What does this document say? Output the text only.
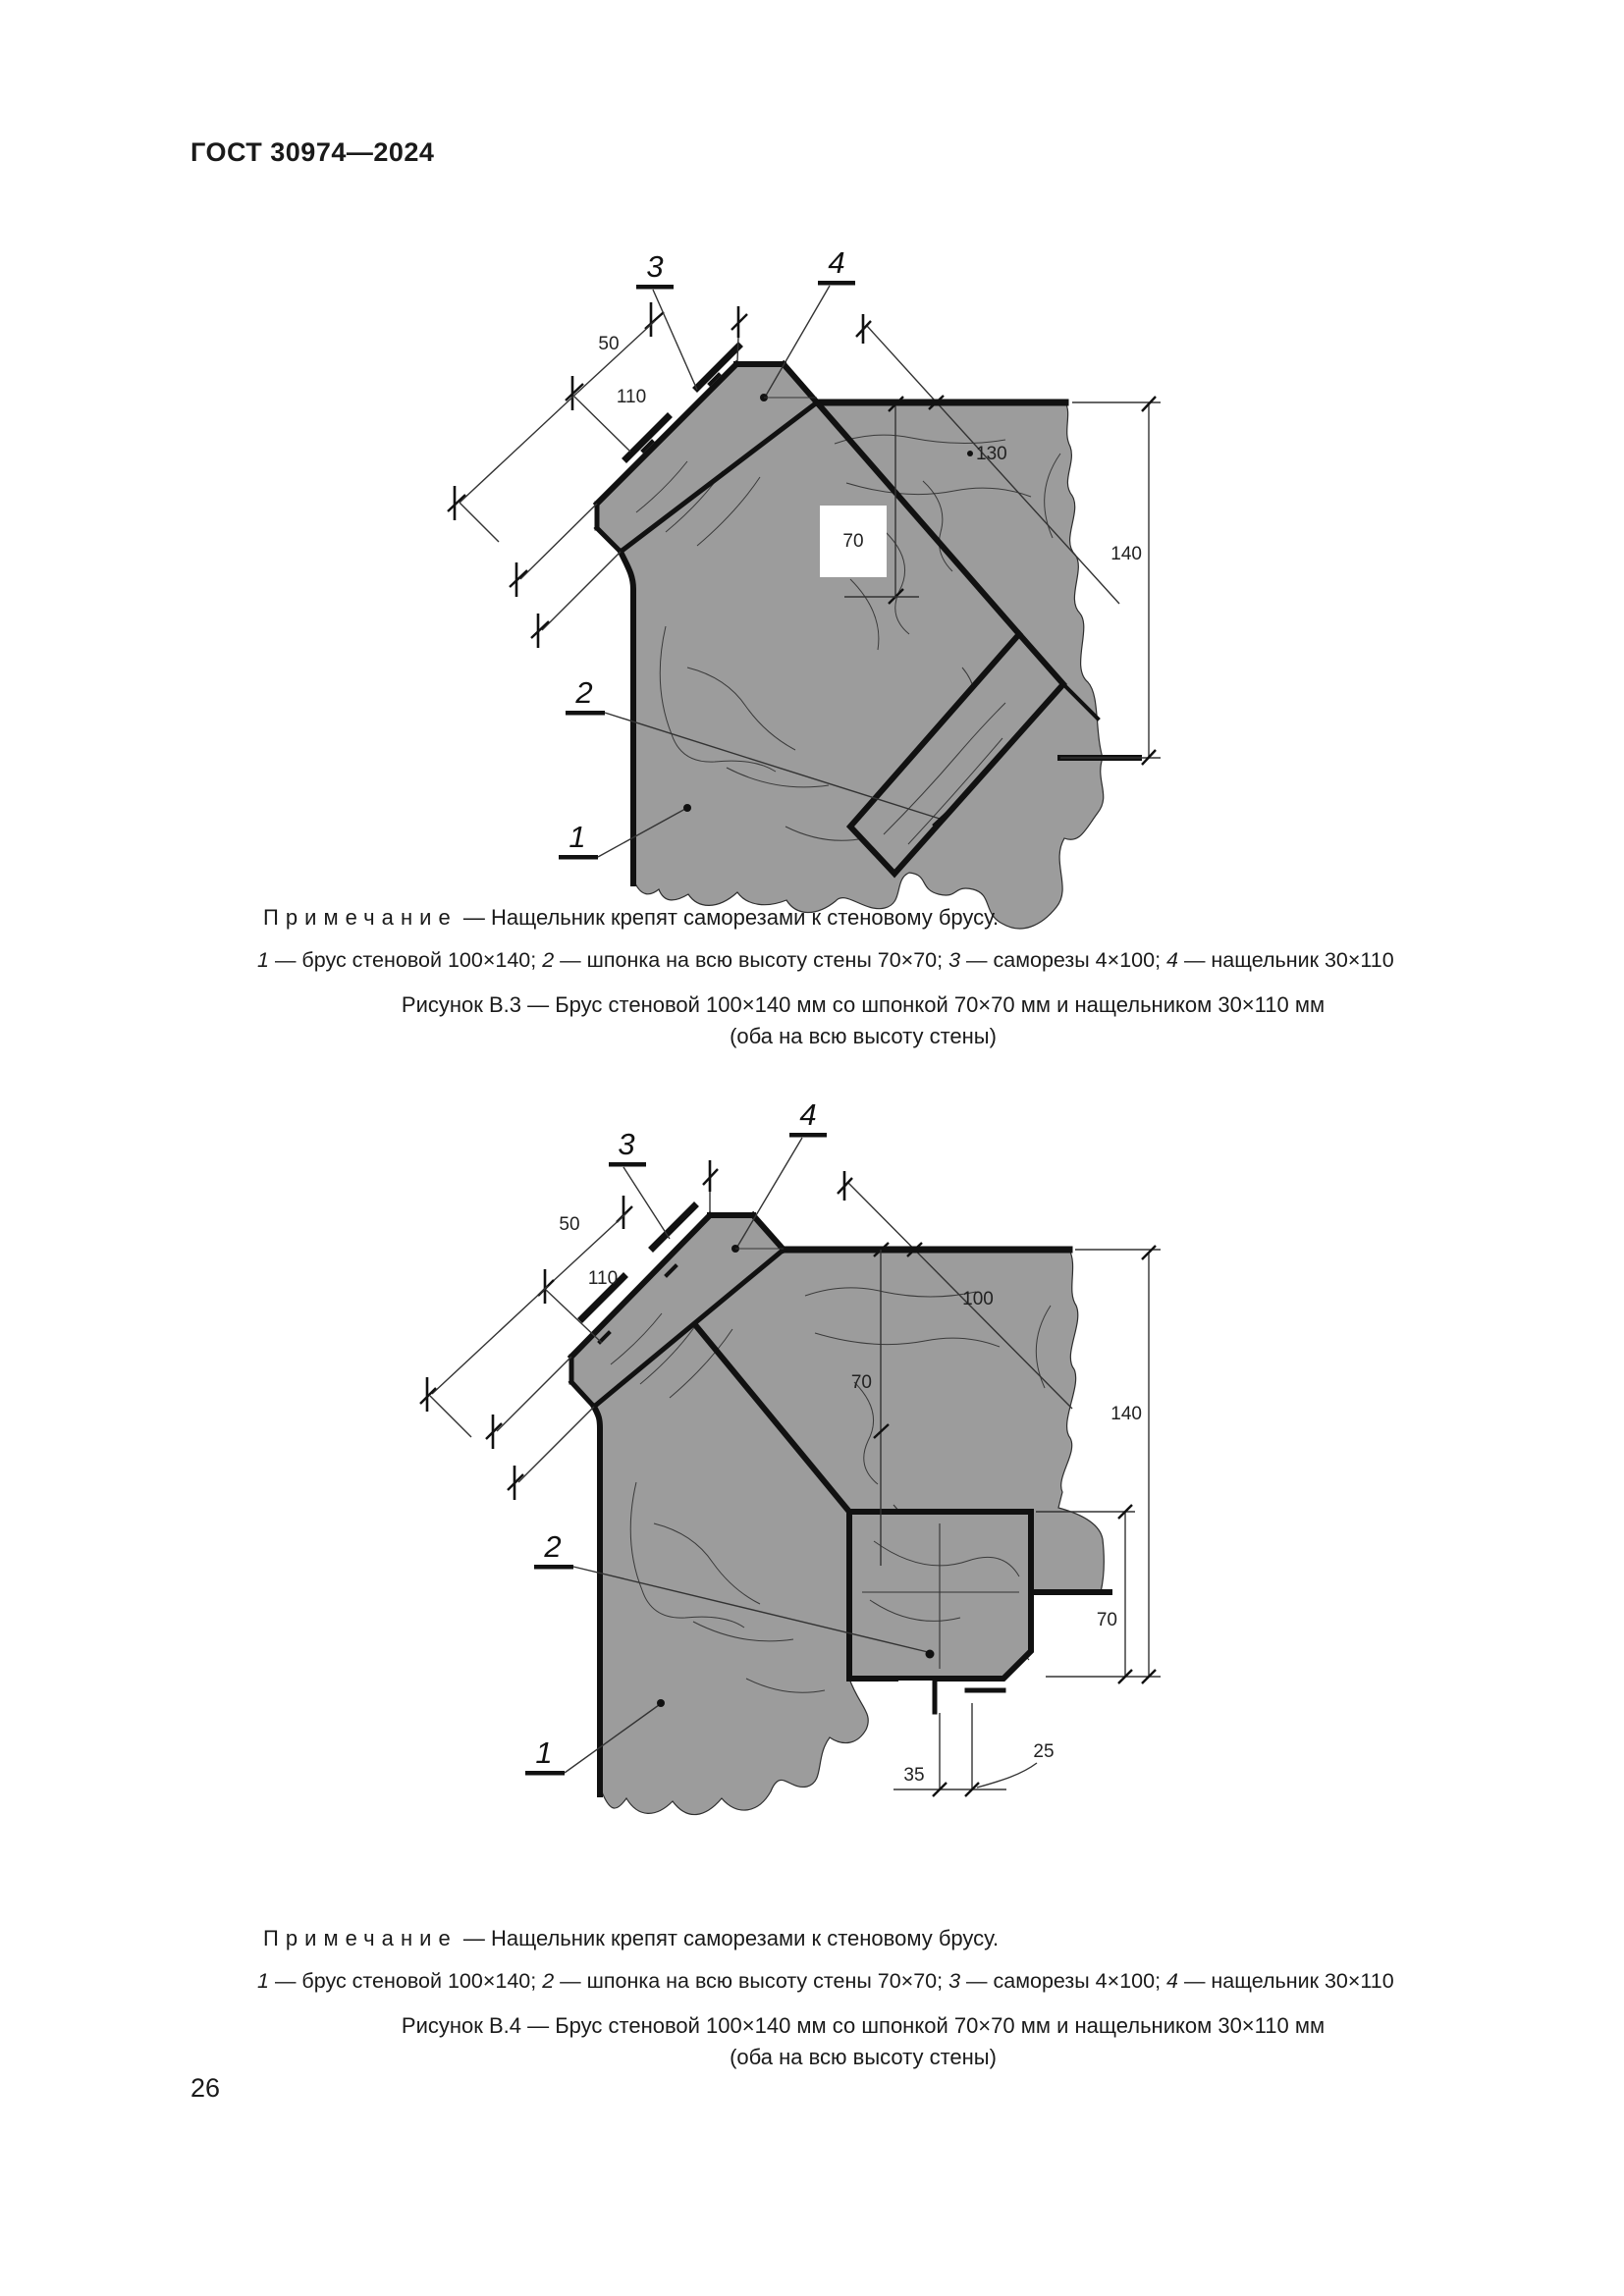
ГОСТ 30974—2024
50
110
130
70
140
3	4
2
1
Примечание — Нащельник крепят саморезами к стеновому брусу.
1 — брус стеновой 100×140; 2 — шпонка на всю высоту стены 70×70; 3 — саморезы 4×100; 4 — нащельник 30×110
Рисунок В.3 — Брус стеновой 100×140 мм со шпонкой 70×70 мм и нащельником 30×110 мм
(оба на всю высоту стены)
50
110
100
70
140
70
35
25
3
4
2
1
Примечание — Нащельник крепят саморезами к стеновому брусу.
1 — брус стеновой 100×140; 2 — шпонка на всю высоту стены 70×70; 3 — саморезы 4×100; 4 — нащельник 30×110
Рисунок В.4 — Брус стеновой 100×140 мм со шпонкой 70×70 мм и нащельником 30×110 мм
(оба на всю высоту стены)
26
